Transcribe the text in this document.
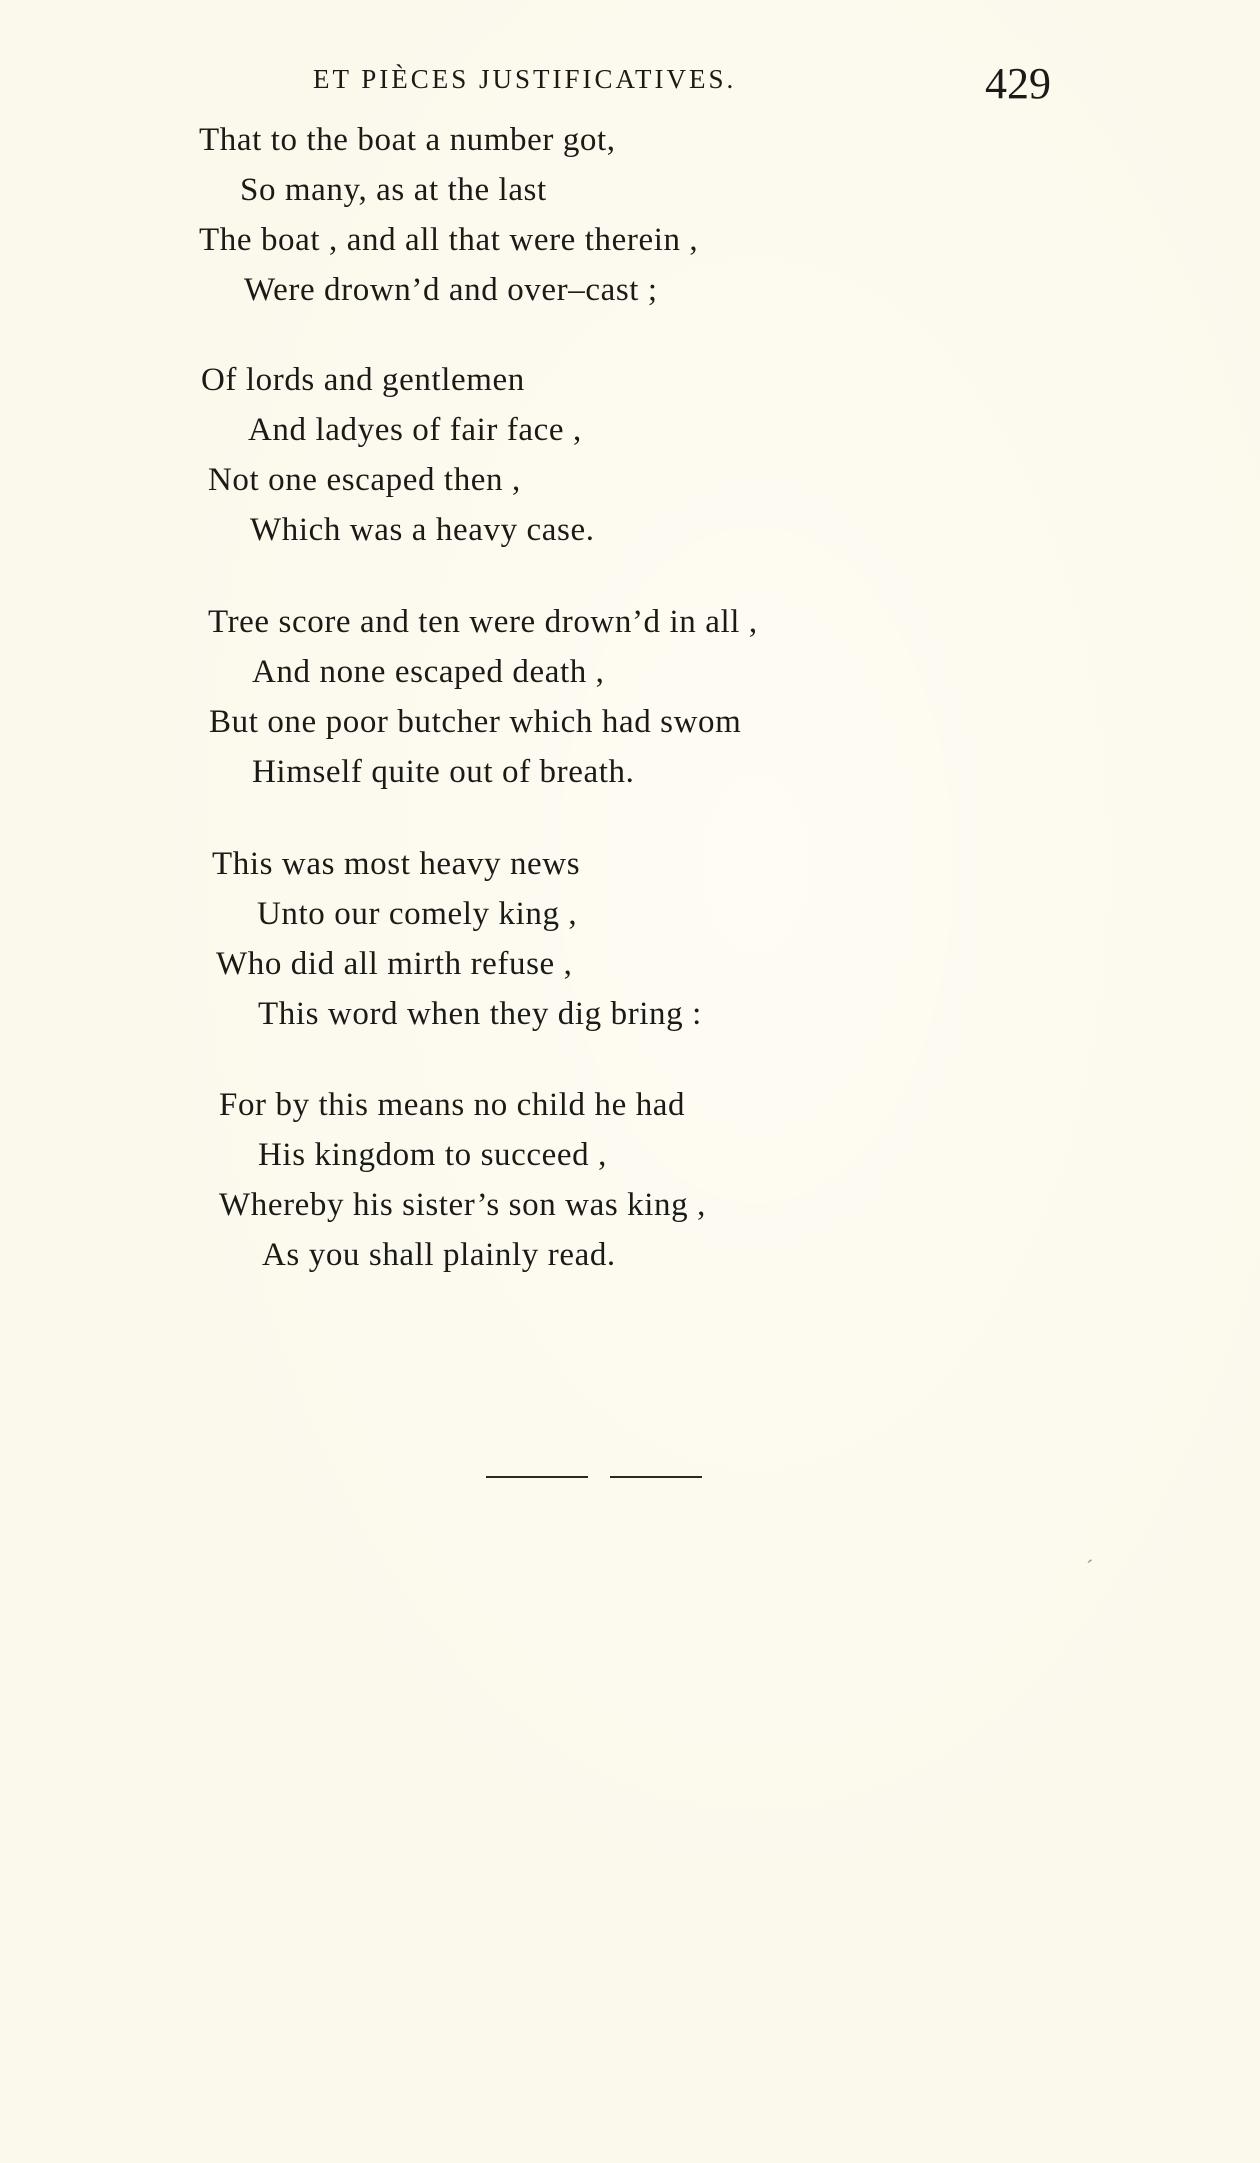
ET PIÈCES JUSTIFICATIVES.	429
That to the boat a number got,
So many, as at the last
The boat , and all that were therein ,
Were drown’d and over–cast ;
Of lords and gentlemen
And ladyes of fair face ,
Not one escaped then ,
Which was a heavy case.
Tree score and ten were drown’d in all ,
And none escaped death ,
But one poor butcher which had swom
Himself quite out of breath.
This was most heavy news
Unto our comely king ,
Who did all mirth refuse ,
This word when they dig bring :
For by this means no child he had
His kingdom to succeed ,
Whereby his sister’s son was king ,
As you shall plainly read.
ˊ
